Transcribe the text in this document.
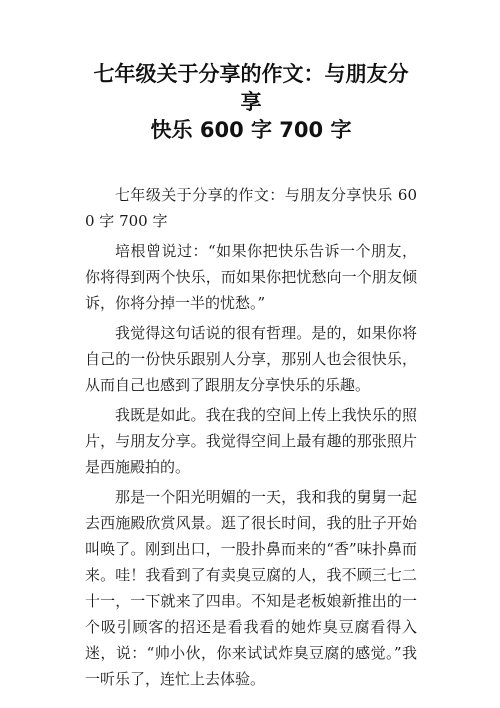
七年级关于分享的作文：与朋友分享
快乐 600 字 700 字

七年级关于分享的作文：与朋友分享快乐 600 字 700 字

培根曾说过：“如果你把快乐告诉一个朋友，你将得到两个快乐，而如果你把忧愁向一个朋友倾诉，你将分掉一半的忧愁。”

我觉得这句话说的很有哲理。是的，如果你将自己的一份快乐跟别人分享，那别人也会很快乐，从而自己也感到了跟朋友分享快乐的乐趣。

我既是如此。我在我的空间上传上我快乐的照片，与朋友分享。我觉得空间上最有趣的那张照片是西施殿拍的。

那是一个阳光明媚的一天，我和我的舅舅一起去西施殿欣赏风景。逛了很长时间，我的肚子开始叫唤了。刚到出口，一股扑鼻而来的“香”味扑鼻而来。哇！我看到了有卖臭豆腐的人，我不顾三七二十一，一下就来了四串。不知是老板娘新推出的一个吸引顾客的招还是看我看的她炸臭豆腐看得入迷，说：“帅小伙，你来试试炸臭豆腐的感觉。”我一听乐了，连忙上去体验。
